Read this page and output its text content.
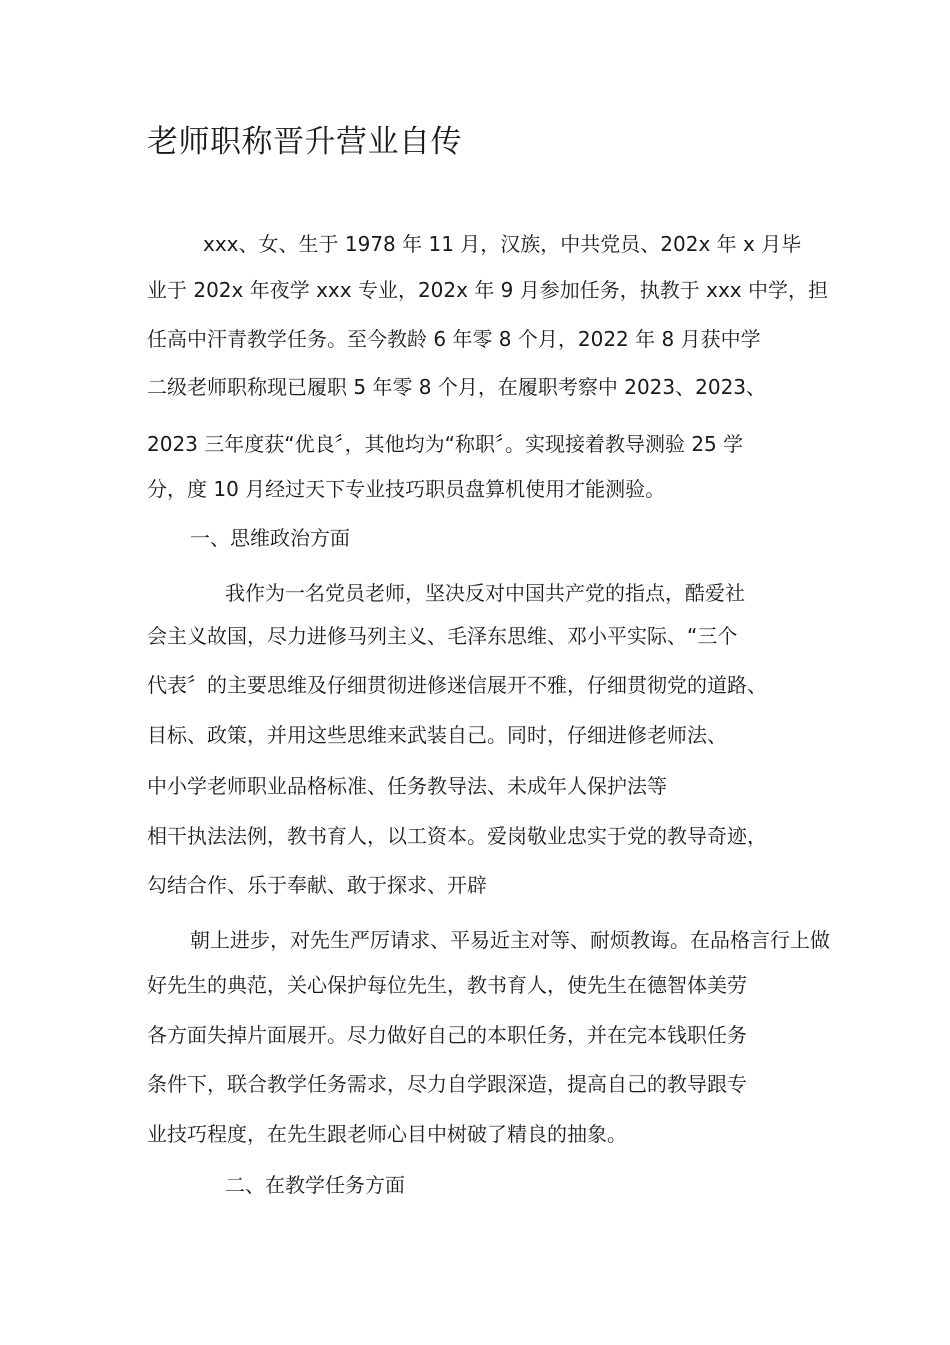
老师职称晋升营业自传
xxx、女、生于 1978 年 11 月，汉族，中共党员、202x 年 x 月毕
业于 202x 年夜学 xxx 专业，202x 年 9 月参加任务，执教于 xxx 中学，担
任高中汗青教学任务。至今教龄 6 年零 8 个月，2022 年 8 月获中学
二级老师职称现已履职 5 年零 8 个月，在履职考察中 2023、2023、
2023 三年度获“优良〞，其他均为“称职〞。实现接着教导测验 25 学
分，度 10 月经过天下专业技巧职员盘算机使用才能测验。
一、思维政治方面
我作为一名党员老师，坚决反对中国共产党的指点，酷爱社
会主义故国，尽力进修马列主义、毛泽东思维、邓小平实际、“三个
代表〞的主要思维及仔细贯彻进修迷信展开不雅，仔细贯彻党的道路、
目标、政策，并用这些思维来武装自己。同时，仔细进修老师法、
中小学老师职业品格标准、任务教导法、未成年人保护法等
相干执法法例，教书育人，以工资本。爱岗敬业忠实于党的教导奇迹，
勾结合作、乐于奉献、敢于探求、开辟
朝上进步，对先生严厉请求、平易近主对等、耐烦教诲。在品格言行上做
好先生的典范，关心保护每位先生，教书育人，使先生在德智体美劳
各方面失掉片面展开。尽力做好自己的本职任务，并在完本钱职任务
条件下，联合教学任务需求，尽力自学跟深造，提高自己的教导跟专
业技巧程度，在先生跟老师心目中树破了精良的抽象。
二、在教学任务方面
